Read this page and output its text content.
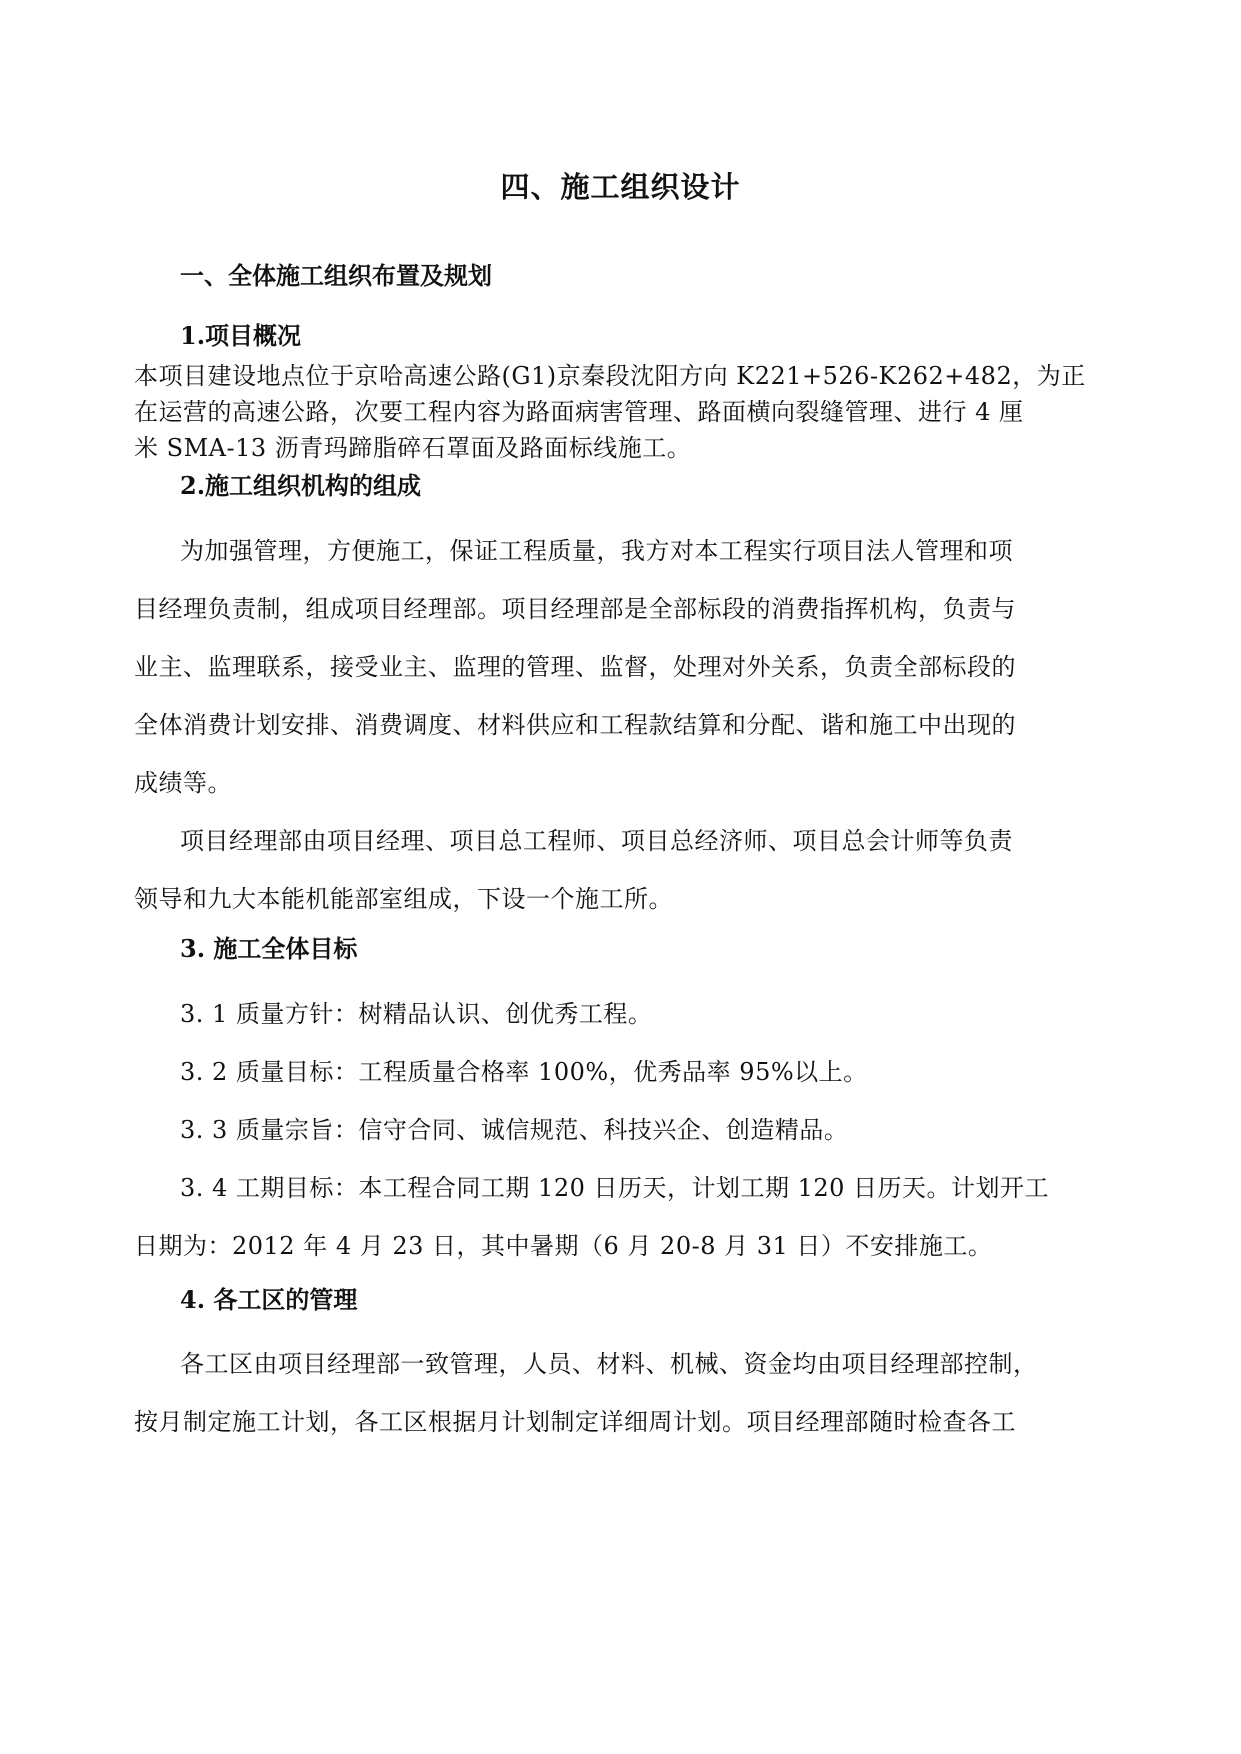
四、施工组织设计
一、全体施工组织布置及规划
1.项目概况
本项目建设地点位于京哈高速公路(G1)京秦段沈阳方向 K221+526-K262+482，为正
在运营的高速公路，次要工程内容为路面病害管理、路面横向裂缝管理、进行 4 厘
米 SMA-13 沥青玛蹄脂碎石罩面及路面标线施工。
2.施工组织机构的组成
为加强管理，方便施工，保证工程质量，我方对本工程实行项目法人管理和项
目经理负责制，组成项目经理部。项目经理部是全部标段的消费指挥机构，负责与
业主、监理联系，接受业主、监理的管理、监督，处理对外关系，负责全部标段的
全体消费计划安排、消费调度、材料供应和工程款结算和分配、谐和施工中出现的
成绩等。
项目经理部由项目经理、项目总工程师、项目总经济师、项目总会计师等负责
领导和九大本能机能部室组成，下设一个施工所。
3. 施工全体目标
3. 1 质量方针：树精品认识、创优秀工程。
3. 2 质量目标：工程质量合格率 100%，优秀品率 95%以上。
3. 3 质量宗旨：信守合同、诚信规范、科技兴企、创造精品。
3. 4 工期目标：本工程合同工期 120 日历天，计划工期 120 日历天。计划开工
日期为：2012 年 4 月 23 日，其中暑期（6 月 20-8 月 31 日）不安排施工。
4. 各工区的管理
各工区由项目经理部一致管理，人员、材料、机械、资金均由项目经理部控制，
按月制定施工计划，各工区根据月计划制定详细周计划。项目经理部随时检查各工
